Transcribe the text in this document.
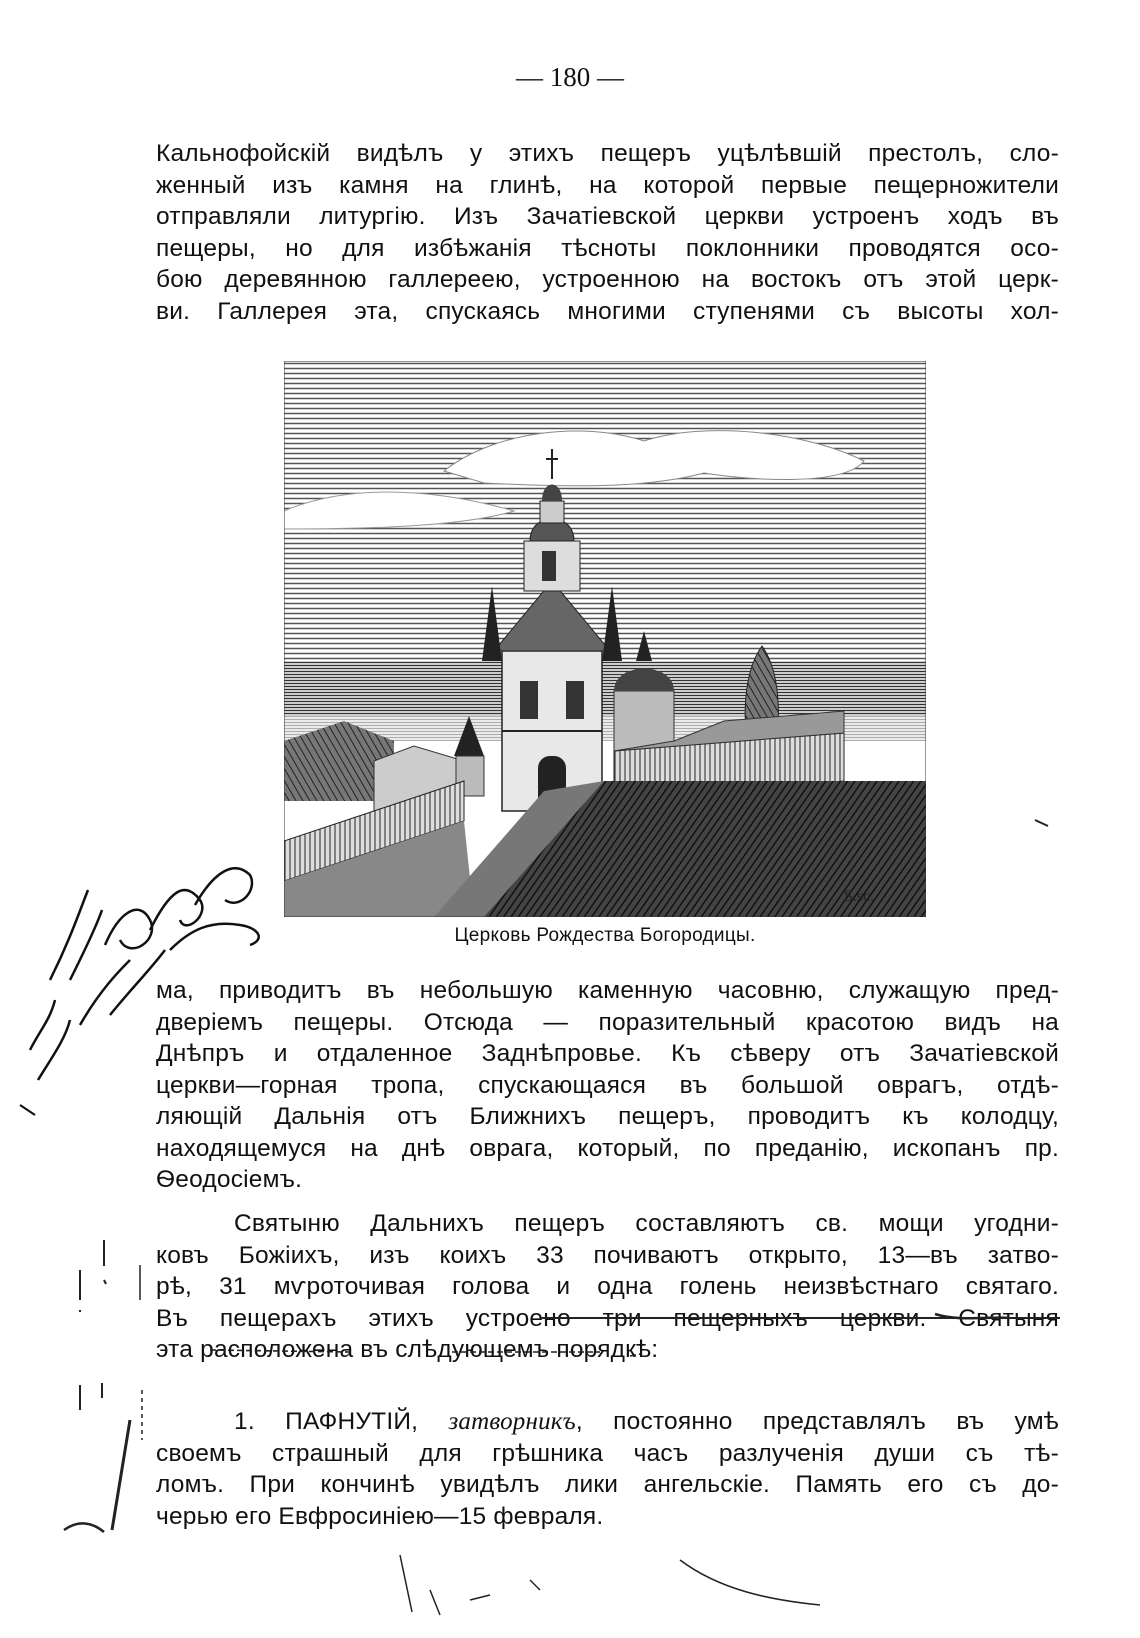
— 180 —
Кальнофойскій видѣлъ у этихъ пещеръ уцѣлѣвшій престолъ, сло-
женный изъ камня на глинѣ, на которой первые пещерножители
отправляли литургію. Изъ Зачатіевской церкви устроенъ ходъ въ
пещеры, но для избѣжанія тѣсноты поклонники проводятся осо-
бою деревянною галлереею, устроенною на востокъ отъ этой церк-
ви. Галлерея эта, спускаясь многими ступенями съ высоты хол-
S.sc.
Церковь Рождества Богородицы.
ма, приводитъ въ небольшую каменную часовню, служащую пред-
дверіемъ пещеры. Отсюда — поразительный красотою видъ на
Днѣпръ и отдаленное Заднѣпровье. Къ сѣверу отъ Зачатіевской
церкви—горная тропа, спускающаяся въ большой оврагъ, отдѣ-
ляющій Дальнія отъ Ближнихъ пещеръ, проводитъ къ колодцу,
находящемуся на днѣ оврага, который, по преданію, ископанъ пр.
Ѳеодосіемъ.
Святыню Дальнихъ пещеръ составляютъ св. мощи угодни-
ковъ Божіихъ, изъ коихъ 33 почиваютъ открыто, 13—въ затво-
рѣ, 31 мѵроточивая голова и одна голень неизвѣстнаго святаго.
Въ пещерахъ этихъ устроено три пещерныхъ церкви. Святыня
эта расположена въ слѣдующемъ порядкѣ:
1. ПАФНУТІЙ, затворникъ, постоянно представлялъ въ умѣ
своемъ страшный для грѣшника часъ разлученія души съ тѣ-
ломъ. При кончинѣ увидѣлъ лики ангельскіе. Память его съ до-
черью его Евфросиніею—15 февраля.
